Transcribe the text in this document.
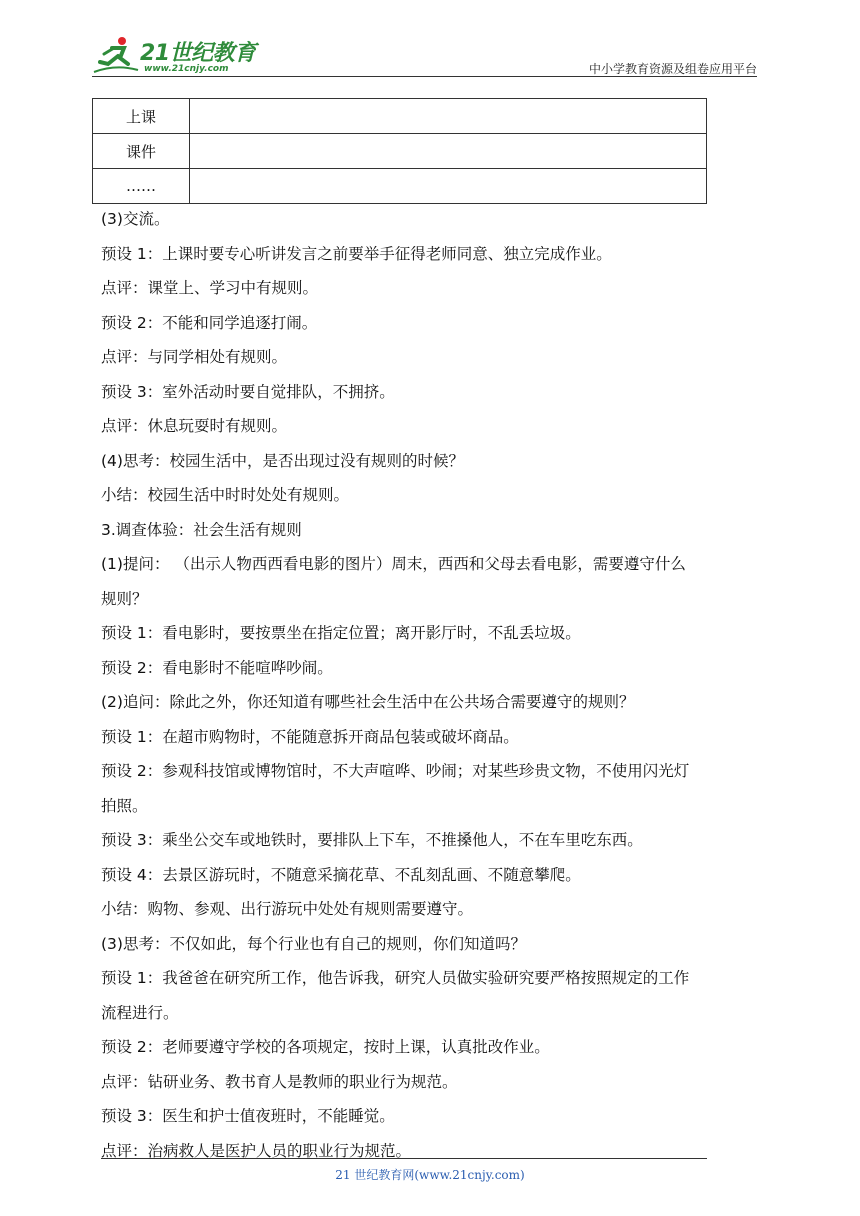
21世纪教育
www.21cnjy.com	中小学教育资源及组卷应用平台
上课	
课件	
……	

(3)交流。

预设 1：上课时要专心听讲发言之前要举手征得老师同意、独立完成作业。

点评：课堂上、学习中有规则。

预设 2：不能和同学追逐打闹。

点评：与同学相处有规则。

预设 3：室外活动时要自觉排队，不拥挤。

点评：休息玩耍时有规则。

(4)思考：校园生活中，是否出现过没有规则的时候？

小结：校园生活中时时处处有规则。

3.调查体验：社会生活有规则

(1)提问： （出示人物西西看电影的图片）周末，西西和父母去看电影，需要遵守什么

规则？

预设 1：看电影时，要按票坐在指定位置；离开影厅时，不乱丢垃圾。

预设 2：看电影时不能喧哗吵闹。

(2)追问：除此之外，你还知道有哪些社会生活中在公共场合需要遵守的规则？

预设 1：在超市购物时，不能随意拆开商品包装或破坏商品。

预设 2：参观科技馆或博物馆时，不大声喧哗、吵闹；对某些珍贵文物，不使用闪光灯

拍照。

预设 3：乘坐公交车或地铁时，要排队上下车，不推搡他人，不在车里吃东西。

预设 4：去景区游玩时，不随意采摘花草、不乱刻乱画、不随意攀爬。

小结：购物、参观、出行游玩中处处有规则需要遵守。

(3)思考：不仅如此，每个行业也有自己的规则，你们知道吗？

预设 1：我爸爸在研究所工作，他告诉我，研究人员做实验研究要严格按照规定的工作

流程进行。

预设 2：老师要遵守学校的各项规定，按时上课，认真批改作业。

点评：钻研业务、教书育人是教师的职业行为规范。

预设 3：医生和护士值夜班时，不能睡觉。

点评：治病救人是医护人员的职业行为规范。

21 世纪教育网(www.21cnjy.com)
